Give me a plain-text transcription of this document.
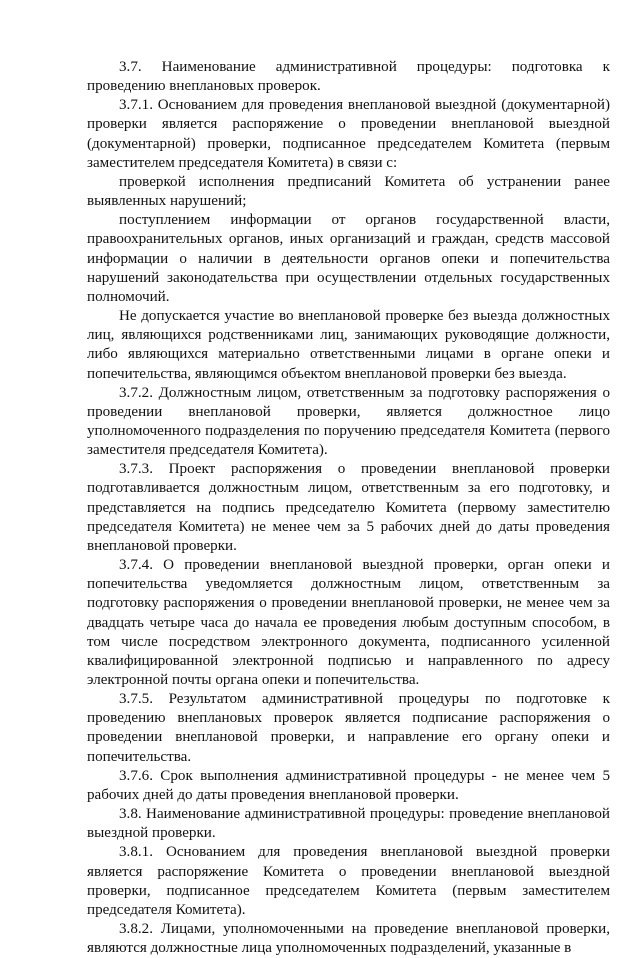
3.7. Наименование административной процедуры: подготовка к проведению внеплановых проверок.

3.7.1. Основанием для проведения внеплановой выездной (документарной) проверки является распоряжение о проведении внеплановой выездной (документарной) проверки, подписанное председателем Комитета (первым заместителем председателя Комитета) в связи с:

проверкой исполнения предписаний Комитета об устранении ранее выявленных нарушений;

поступлением информации от органов государственной власти, правоохранительных органов, иных организаций и граждан, средств массовой информации о наличии в деятельности органов опеки и попечительства нарушений законодательства при осуществлении отдельных государственных полномочий.

Не допускается участие во внеплановой проверке без выезда должностных лиц, являющихся родственниками лиц, занимающих руководящие должности, либо являющихся материально ответственными лицами в органе опеки и попечительства, являющимся объектом внеплановой проверки без выезда.

3.7.2. Должностным лицом, ответственным за подготовку распоряжения о проведении внеплановой проверки, является должностное лицо уполномоченного подразделения по поручению председателя Комитета (первого заместителя председателя Комитета).

3.7.3. Проект распоряжения о проведении внеплановой проверки подготавливается должностным лицом, ответственным за его подготовку, и представляется на подпись председателю Комитета (первому заместителю председателя Комитета) не менее чем за 5 рабочих дней до даты проведения внеплановой проверки.

3.7.4. О проведении внеплановой выездной проверки, орган опеки и попечительства уведомляется должностным лицом, ответственным за подготовку распоряжения о проведении внеплановой проверки, не менее чем за двадцать четыре часа до начала ее проведения любым доступным способом, в том числе посредством электронного документа, подписанного усиленной квалифицированной электронной подписью и направленного по адресу электронной почты органа опеки и попечительства.

3.7.5. Результатом административной процедуры по подготовке к проведению внеплановых проверок является подписание распоряжения о проведении внеплановой проверки, и направление его органу опеки и попечительства.

3.7.6. Срок выполнения административной процедуры - не менее чем 5 рабочих дней до даты проведения внеплановой проверки.

3.8. Наименование административной процедуры: проведение внеплановой выездной проверки.

3.8.1. Основанием для проведения внеплановой выездной проверки является распоряжение Комитета о проведении внеплановой выездной проверки, подписанное председателем Комитета (первым заместителем председателя Комитета).

3.8.2. Лицами, уполномоченными на проведение внеплановой проверки, являются должностные лица уполномоченных подразделений, указанные в
